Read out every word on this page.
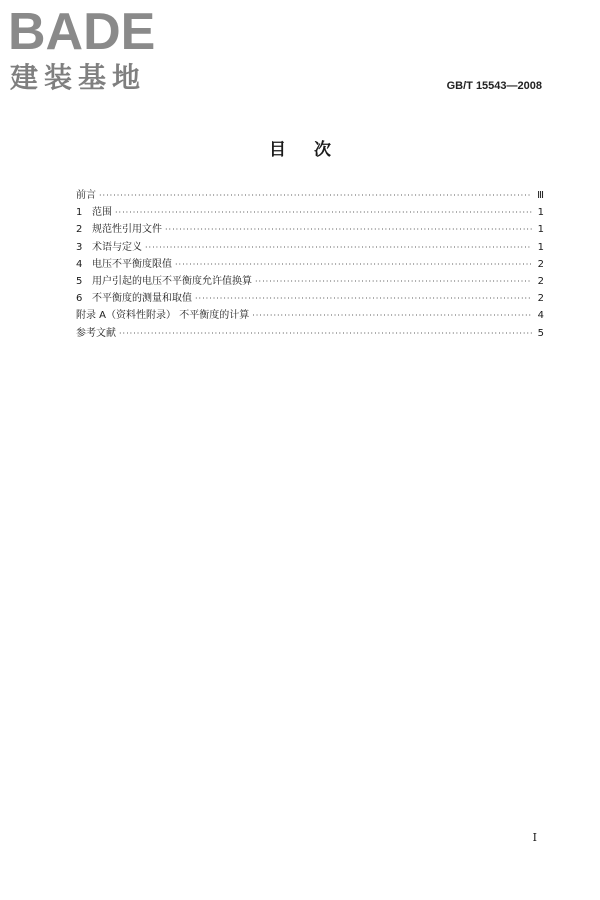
BADE
建装基地	GB/T 15543—2008
目次
前言 ·····	Ⅲ
1 范围 ·····	1
2 规范性引用文件 ·····	1
3 术语与定义 ·····	1
4 电压不平衡度限值 ·····	2
5 用户引起的电压不平衡度允许值换算 ·····	2
6 不平衡度的测量和取值 ·····	2
附录 A（资料性附录） 不平衡度的计算 ·····	4
参考文献 ·····	5
Ⅰ
